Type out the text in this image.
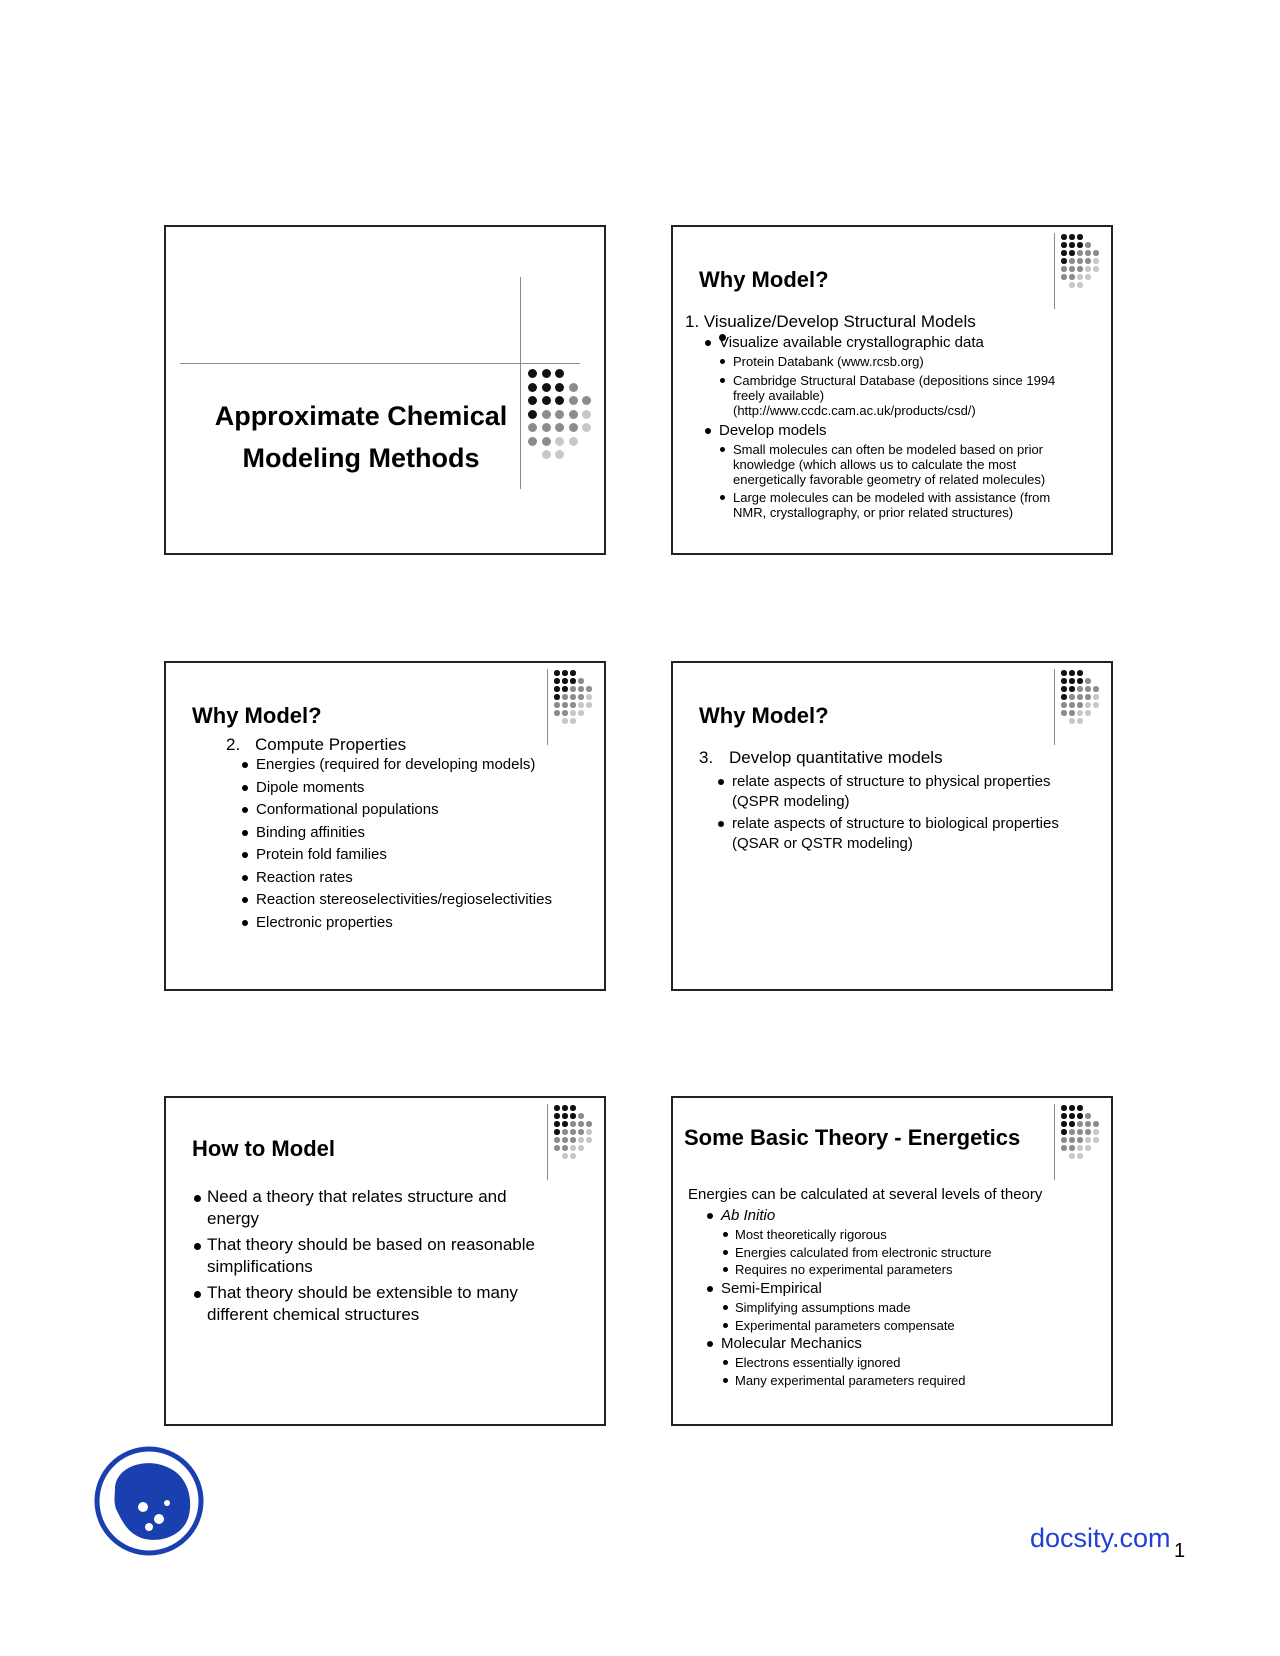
Approximate Chemical
Modeling Methods
Why Model?
1. Visualize/Develop Structural Models
Visualize available crystallographic data
Protein Databank (www.rcsb.org)
Cambridge Structural Database (depositions since 1994
freely available)
(http://www.ccdc.cam.ac.uk/products/csd/)
Develop models
Small molecules can often be modeled based on prior
knowledge (which allows us to calculate the most
energetically favorable geometry of related molecules)
Large molecules can be modeled with assistance (from
NMR, crystallography, or prior related structures)
Why Model?
2. Compute Properties
Energies (required for developing models)
Dipole moments
Conformational populations
Binding affinities
Protein fold families
Reaction rates
Reaction stereoselectivities/regioselectivities
Electronic properties
Why Model?
3. Develop quantitative models
relate aspects of structure to physical properties
(QSPR modeling)
relate aspects of structure to biological properties
(QSAR or QSTR modeling)
How to Model
Need a theory that relates structure and
energy
That theory should be based on reasonable
simplifications
That theory should be extensible to many
different chemical structures
Some Basic Theory - Energetics
Energies can be calculated at several levels of theory
Ab Initio
Most theoretically rigorous
Energies calculated from electronic structure
Requires no experimental parameters
Semi-Empirical
Simplifying assumptions made
Experimental parameters compensate
Molecular Mechanics
Electrons essentially ignored
Many experimental parameters required
docsity.com 1
